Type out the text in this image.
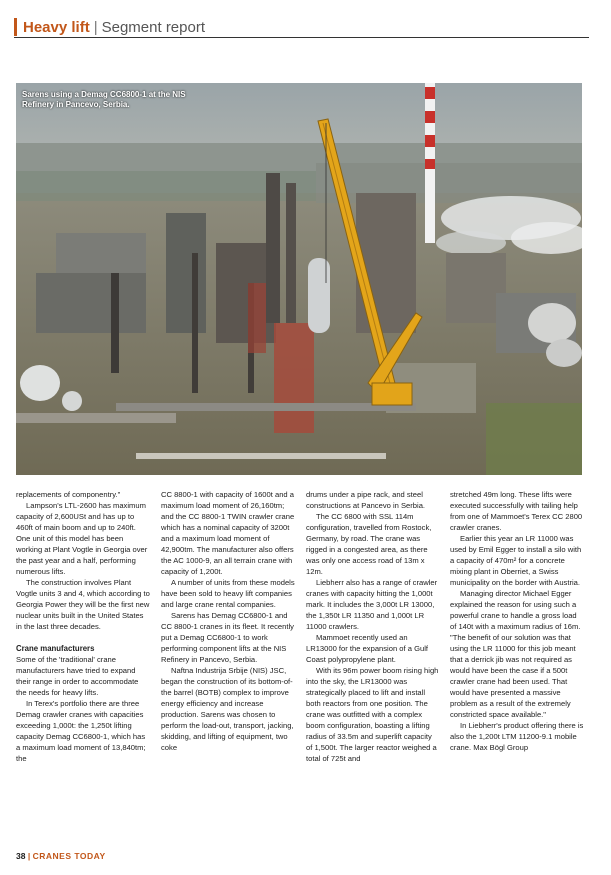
Heavy lift | Segment report
Sarens using a Demag CC6800-1 at the NIS Refinery in Pancevo, Serbia.

replacements of componentry."

Lampson's LTL-2600 has maximum capacity of 2,600USt and has up to 460ft of main boom and up to 240ft. One unit of this model has been working at Plant Vogtle in Georgia over the past year and a half, performing numerous lifts.

The construction involves Plant Vogtle units 3 and 4, which according to Georgia Power they will be the first new nuclear units built in the United States in the last three decades.

Crane manufacturers

Some of the 'traditional' crane manufacturers have tried to expand their range in order to accommodate the needs for heavy lifts.

In Terex's portfolio there are three Demag crawler cranes with capacities exceeding 1,000t: the 1,250t lifting capacity Demag CC6800-1, which has a maximum load moment of 13,840tm; the

CC 8800-1 with capacity of 1600t and a maximum load moment of 26,160tm; and the CC 8800-1 TWIN crawler crane which has a nominal capacity of 3200t and a maximum load moment of 42,900tm. The manufacturer also offers the AC 1000-9, an all terrain crane with capacity of 1,200t.

A number of units from these models have been sold to heavy lift companies and large crane rental companies.

Sarens has Demag CC6800-1 and CC 8800-1 cranes in its fleet. It recently put a Demag CC6800-1 to work performing component lifts at the NIS Refinery in Pancevo, Serbia.

Naftna Industrija Srbije (NIS) JSC, began the construction of its bottom-of-the barrel (BOTB) complex to improve energy efficiency and increase production. Sarens was chosen to perform the load-out, transport, jacking, skidding, and lifting of equipment, two coke

drums under a pipe rack, and steel constructions at Pancevo in Serbia.

The CC 6800 with SSL 114m configuration, travelled from Rostock, Germany, by road. The crane was rigged in a congested area, as there was only one access road of 13m x 12m.

Liebherr also has a range of crawler cranes with capacity hitting the 1,000t mark. It includes the 3,000t LR 13000, the 1,350t LR 11350 and 1,000t LR 11000 crawlers.

Mammoet recently used an LR13000 for the expansion of a Gulf Coast polypropylene plant.

With its 96m power boom rising high into the sky, the LR13000 was strategically placed to lift and install both reactors from one position. The crane was outfitted with a complex boom configuration, boasting a lifting radius of 33.5m and superlift capacity of 1,500t. The larger reactor weighed a total of 725t and

stretched 49m long. These lifts were executed successfully with tailing help from one of Mammoet's Terex CC 2800 crawler cranes.

Earlier this year an LR 11000 was used by Emil Egger to install a silo with a capacity of 470m² for a concrete mixing plant in Oberriet, a Swiss municipality on the border with Austria.

Managing director Michael Egger explained the reason for using such a powerful crane to handle a gross load of 140t with a maximum radius of 16m. "The benefit of our solution was that using the LR 11000 for this job meant that a derrick jib was not required as would have been the case if a 500t crawler crane had been used. That would have presented a massive problem as a result of the extremely constricted space available."

In Liebherr's product offering there is also the 1,200t LTM 11200-9.1 mobile crane. Max Bögl Group

38 | CRANES TODAY
